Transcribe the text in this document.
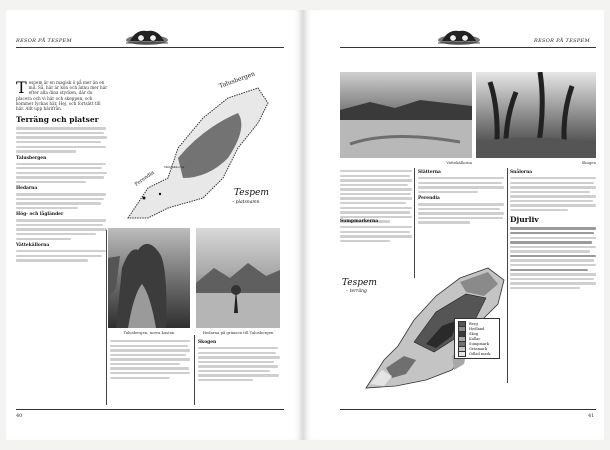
RESOR PÅ TESPEM
Tespem är en magisk ö på mer än en mil. Så, här är kön och ännu mer här efter alla dina stycken, där du placera och vi här och skeppen, och kommer lyckas här. Hej, och fortsätt till här. Allt upp härifrån.
Terräng och platser
Talusbergen
Hedarna
Hög- och lågländer
Vättekällorna
Talusbergen
Perendia
Vättekällorna
Tespem
– platsnamn
Talusbergen, norra kusten	Hedarna på gränsen till Talusbergen
Skogen
40
RESOR PÅ TESPEM
Vättekällorna	Skogen
Slätterna
Perendia
Sumpmarkerna
Snålorna
Djurliv
Tespem
– terräng
Berg
Hedland
Skog
Kullar
Sumpmark
Gräsmark
Odlad mark
41
